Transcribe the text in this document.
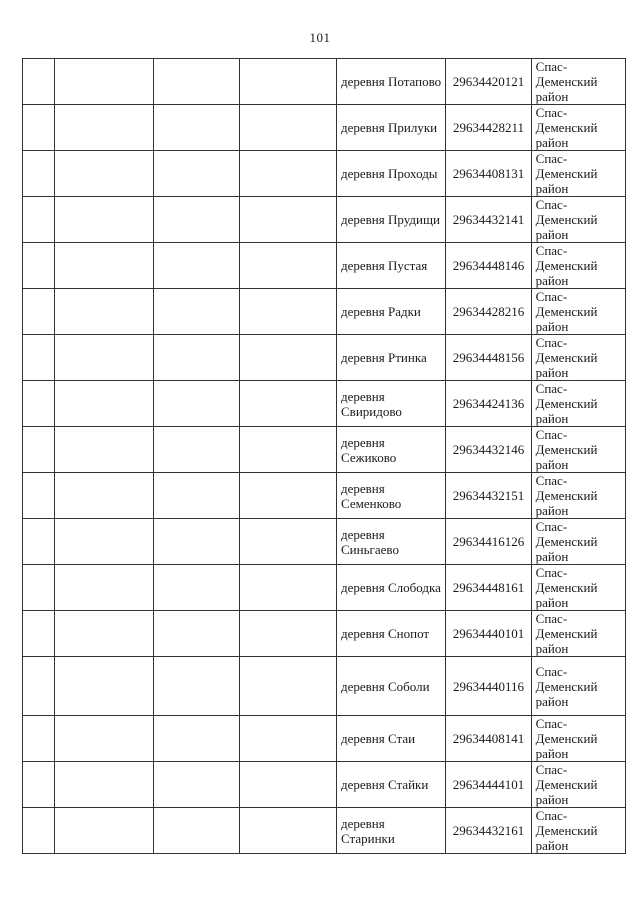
101
				деревня Потапово	29634420121	Спас-Деменский район
				деревня Прилуки	29634428211	Спас-Деменский район
				деревня Проходы	29634408131	Спас-Деменский район
				деревня Прудищи	29634432141	Спас-Деменский район
				деревня Пустая	29634448146	Спас-Деменский район
				деревня Радки	29634428216	Спас-Деменский район
				деревня Ртинка	29634448156	Спас-Деменский район
				деревня Свиридово	29634424136	Спас-Деменский район
				деревня Сежиково	29634432146	Спас-Деменский район
				деревня Семенково	29634432151	Спас-Деменский район
				деревня Синьгаево	29634416126	Спас-Деменский район
				деревня Слободка	29634448161	Спас-Деменский район
				деревня Снопот	29634440101	Спас-Деменский район
				деревня Соболи	29634440116	Спас-Деменский район
				деревня Стаи	29634408141	Спас-Деменский район
				деревня Стайки	29634444101	Спас-Деменский район
				деревня Старинки	29634432161	Спас-Деменский район
